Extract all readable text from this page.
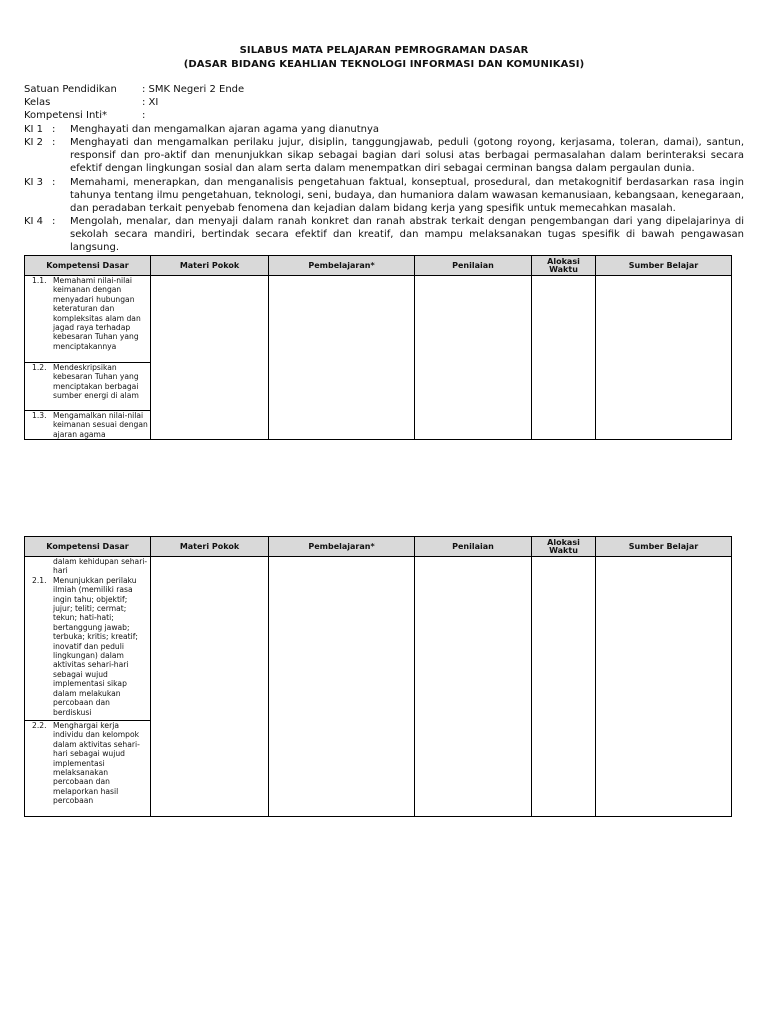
SILABUS MATA PELAJARAN PEMROGRAMAN DASAR
(DASAR BIDANG KEAHLIAN TEKNOLOGI INFORMASI DAN KOMUNIKASI)
Satuan Pendidikan	: SMK Negeri 2 Ende
Kelas	: XI
Kompetensi Inti*	:
KI 1 :	Menghayati dan mengamalkan ajaran agama yang dianutnya
KI 2 :	Menghayati dan mengamalkan perilaku jujur, disiplin, tanggungjawab, peduli (gotong royong, kerjasama, toleran, damai), santun, responsif dan pro-aktif dan menunjukkan sikap sebagai bagian dari solusi atas berbagai permasalahan dalam berinteraksi secara efektif dengan lingkungan sosial dan alam serta dalam menempatkan diri sebagai cerminan bangsa dalam pergaulan dunia.
KI 3 :	Memahami, menerapkan, dan menganalisis pengetahuan faktual, konseptual, prosedural, dan metakognitif berdasarkan rasa ingin tahunya tentang ilmu pengetahuan, teknologi, seni, budaya, dan humaniora dalam wawasan kemanusiaan, kebangsaan, kenegaraan, dan peradaban terkait penyebab fenomena dan kejadian dalam bidang kerja yang spesifik untuk memecahkan masalah.
KI 4 :	Mengolah, menalar, dan menyaji dalam ranah konkret dan ranah abstrak terkait dengan pengembangan dari yang dipelajarinya di sekolah secara mandiri, bertindak secara efektif dan kreatif, dan mampu melaksanakan tugas spesifik di bawah pengawasan langsung.
Kompetensi Dasar	Materi Pokok	Pembelajaran*	Penilaian	Alokasi Waktu	Sumber Belajar

1.1. Memahami nilai-nilai keimanan dengan menyadari hubungan keteraturan dan kompleksitas alam dan jagad raya terhadap kebesaran Tuhan yang menciptakannya					

1.2. Mendeskripsikan kebesaran Tuhan yang menciptakan berbagai sumber energi di alam					

1.3. Mengamalkan nilai-nilai keimanan sesuai dengan ajaran agama					
Kompetensi Dasar	Materi Pokok	Pembelajaran*	Penilaian	Alokasi Waktu	Sumber Belajar

dalam kehidupan sehari-hari
2.1. Menunjukkan perilaku ilmiah (memiliki rasa ingin tahu; objektif; jujur; teliti; cermat; tekun; hati-hati; bertanggung jawab; terbuka; kritis; kreatif; inovatif dan peduli lingkungan) dalam aktivitas sehari-hari sebagai wujud implementasi sikap dalam melakukan percobaan dan berdiskusi					

2.2. Menghargai kerja individu dan kelompok dalam aktivitas sehari-hari sebagai wujud implementasi melaksanakan percobaan dan melaporkan hasil percobaan					
